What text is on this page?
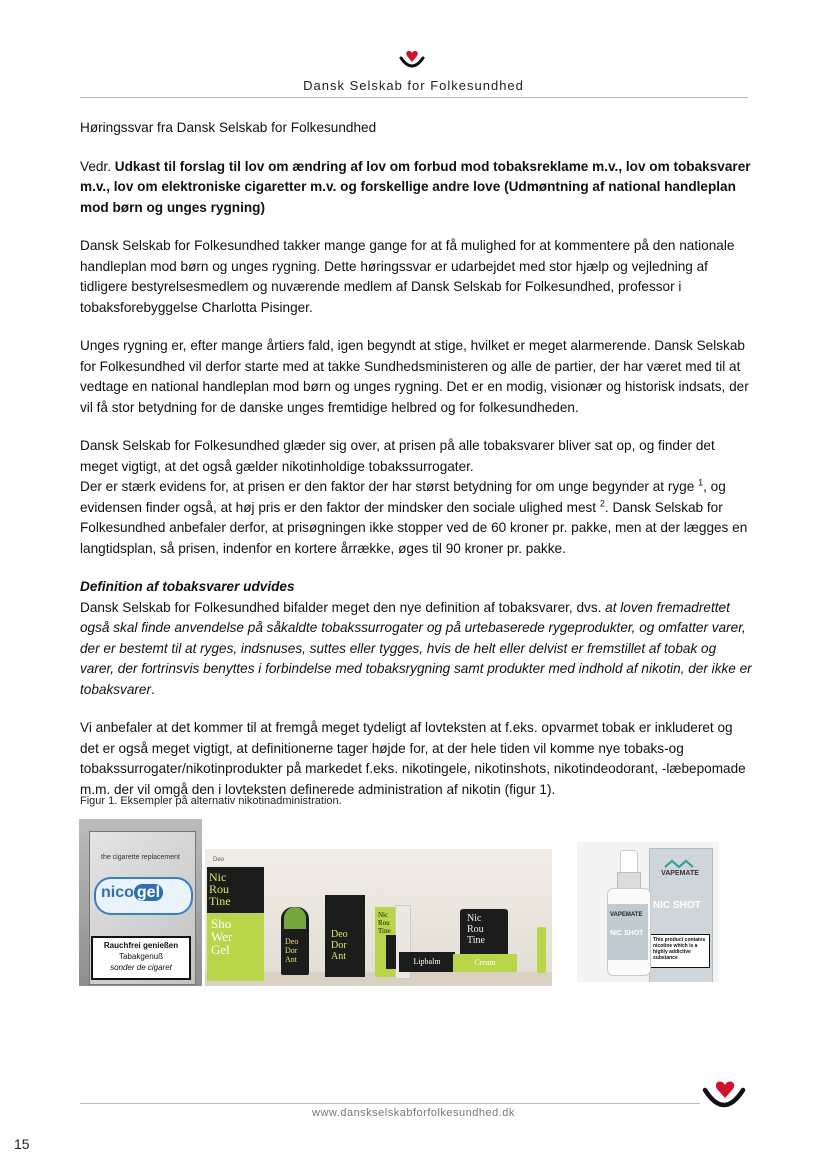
Dansk Selskab for Folkesundhed

Høringssvar fra Dansk Selskab for Folkesundhed

Vedr. Udkast til forslag til lov om ændring af lov om forbud mod tobaksreklame m.v., lov om tobaksvarer m.v., lov om elektroniske cigaretter m.v. og forskellige andre love (Udmøntning af national handleplan mod børn og unges rygning)

Dansk Selskab for Folkesundhed takker mange gange for at få mulighed for at kommentere på den nationale handleplan mod børn og unges rygning. Dette høringssvar er udarbejdet med stor hjælp og vejledning af tidligere bestyrelsesmedlem og nuværende medlem af Dansk Selskab for Folkesundhed, professor i tobaksforebyggelse Charlotta Pisinger.

Unges rygning er, efter mange årtiers fald, igen begyndt at stige, hvilket er meget alarmerende. Dansk Selskab for Folkesundhed vil derfor starte med at takke Sundhedsministeren og alle de partier, der har været med til at vedtage en national handleplan mod børn og unges rygning. Det er en modig, visionær og historisk indsats, der vil få stor betydning for de danske unges fremtidige helbred og for folkesundheden.

Dansk Selskab for Folkesundhed glæder sig over, at prisen på alle tobaksvarer bliver sat op, og finder det meget vigtigt, at det også gælder nikotinholdige tobakssurrogater.
Der er stærk evidens for, at prisen er den faktor der har størst betydning for om unge begynder at ryge $^1$, og evidensen finder også, at høj pris er den faktor der mindsker den sociale ulighed mest $^2$. Dansk Selskab for Folkesundhed anbefaler derfor, at prisøgningen ikke stopper ved de 60 kroner pr. pakke, men at der lægges en langtidsplan, så prisen, indenfor en kortere årrække, øges til 90 kroner pr. pakke.

Definition af tobaksvarer udvides
Dansk Selskab for Folkesundhed bifalder meget den nye definition af tobaksvarer, dvs. at loven fremadrettet også skal finde anvendelse på såkaldte tobakssurrogater og på urtebaserede rygeprodukter, og omfatter varer, der er bestemt til at ryges, indsnuses, suttes eller tygges, hvis de helt eller delvist er fremstillet af tobak og varer, der fortrinsvis benyttes i forbindelse med tobaksrygning samt produkter med indhold af nikotin, der ikke er tobaksvarer.

Vi anbefaler at det kommer til at fremgå meget tydeligt af lovteksten at f.eks. opvarmet tobak er inkluderet og det er også meget vigtigt, at definitionerne tager højde for, at der hele tiden vil komme nye tobaks-og tobakssurrogater/nikotinprodukter på markedet f.eks. nikotingele, nikotinshots, nikotindeodorant, -læbepomade m.m. der vil omgå den i lovteksten definerede administration af nikotin (figur 1).

Figur 1. Eksempler på alternativ nikotinadministration.
the cigarette replacement
nico gel
Rauchfrei genießen
Tabakgenuß
sonder de cigaret
Nic
Rou
Tine
Sho
Wer
Gel
Deo
Deo
Dor
Ant
Deo
Dor
Ant
Nic
Rou
Tine
Lipbalm
Nic
Rou
Tine
Cream
VAPEMATE
NIC SHOT
This product contains nicotine which is a highly addictive substance
VAPEMATE
NIC SHOT
www.danskselskabforfolkesundhed.dk
15
